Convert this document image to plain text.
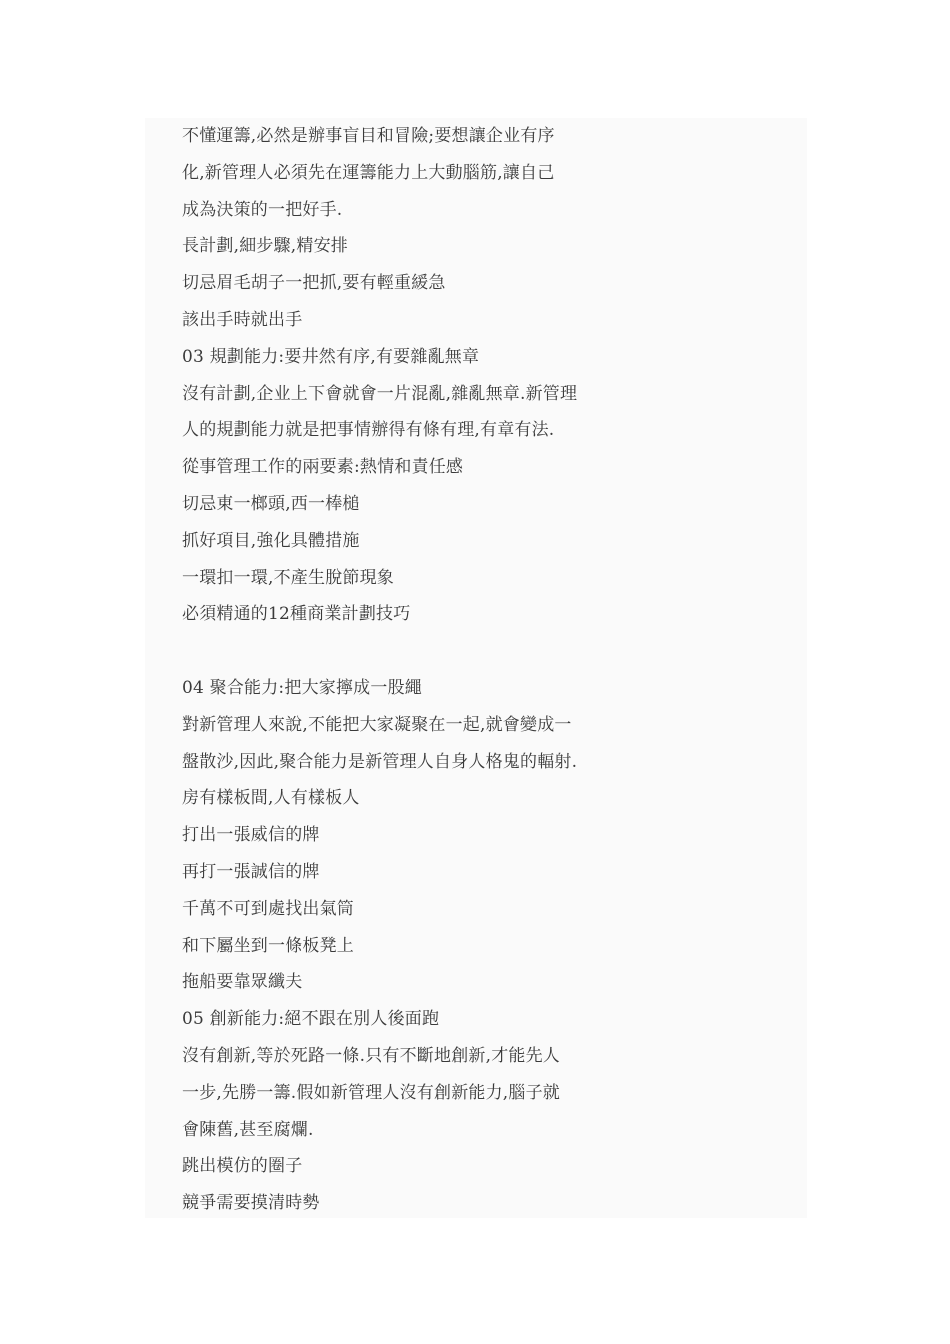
不懂運籌,必然是辦事盲目和冒險;要想讓企业有序
化,新管理人必須先在運籌能力上大動腦筋,讓自己
成為決策的一把好手.
長計劃,細步驟,精安排
切忌眉毛胡子一把抓,要有輕重緩急
該出手時就出手
03 規劃能力:要井然有序,有要雜亂無章
沒有計劃,企业上下會就會一片混亂,雜亂無章.新管理
人的規劃能力就是把事情辦得有條有理,有章有法.
從事管理工作的兩要素:熱情和責任感
切忌東一榔頭,西一棒槌
抓好項目,強化具體措施
一環扣一環,不產生脫節現象
必須精通的12種商業計劃技巧
04 聚合能力:把大家擰成一股繩
對新管理人來說,不能把大家凝聚在一起,就會變成一
盤散沙,因此,聚合能力是新管理人自身人格鬼的輻射.
房有樣板間,人有樣板人
打出一張威信的牌
再打一張誠信的牌
千萬不可到處找出氣筒
和下屬坐到一條板凳上
拖船要靠眾纖夫
05 創新能力:絕不跟在別人後面跑
沒有創新,等於死路一條.只有不斷地創新,才能先人
一步,先勝一籌.假如新管理人沒有創新能力,腦子就
會陳舊,甚至腐爛.
跳出模仿的圈子
競爭需要摸清時勢
